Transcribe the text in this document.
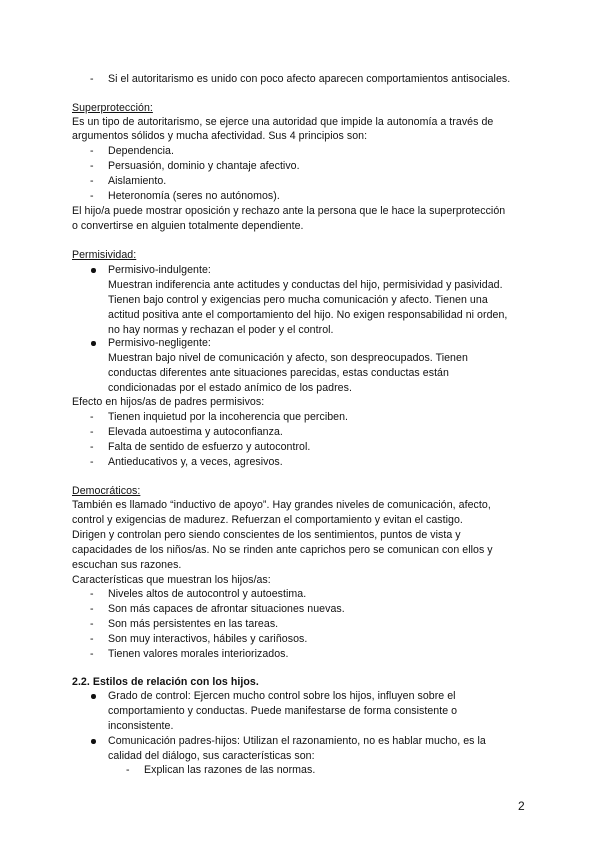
- Si el autoritarismo es unido con poco afecto aparecen comportamientos antisociales.
Superprotección:
Es un tipo de autoritarismo, se ejerce una autoridad que impide la autonomía a través de
argumentos sólidos y mucha afectividad. Sus 4 principios son:
- Dependencia.
- Persuasión, dominio y chantaje afectivo.
- Aislamiento.
- Heteronomía (seres no autónomos).
El hijo/a puede mostrar oposición y rechazo ante la persona que le hace la superprotección
o convertirse en alguien totalmente dependiente.
Permisividad:
Permisivo-indulgente:
Muestran indiferencia ante actitudes y conductas del hijo, permisividad y pasividad.
Tienen bajo control y exigencias pero mucha comunicación y afecto. Tienen una
actitud positiva ante el comportamiento del hijo. No exigen responsabilidad ni orden,
no hay normas y rechazan el poder y el control.
Permisivo-negligente:
Muestran bajo nivel de comunicación y afecto, son despreocupados. Tienen
conductas diferentes ante situaciones parecidas, estas conductas están
condicionadas por el estado anímico de los padres.
Efecto en hijos/as de padres permisivos:
- Tienen inquietud por la incoherencia que perciben.
- Elevada autoestima y autoconfianza.
- Falta de sentido de esfuerzo y autocontrol.
- Antieducativos y, a veces, agresivos.
Democráticos:
También es llamado “inductivo de apoyo”. Hay grandes niveles de comunicación, afecto,
control y exigencias de madurez. Refuerzan el comportamiento y evitan el castigo.
Dirigen y controlan pero siendo conscientes de los sentimientos, puntos de vista y
capacidades de los niños/as. No se rinden ante caprichos pero se comunican con ellos y
escuchan sus razones.
Características que muestran los hijos/as:
- Niveles altos de autocontrol y autoestima.
- Son más capaces de afrontar situaciones nuevas.
- Son más persistentes en las tareas.
- Son muy interactivos, hábiles y cariñosos.
- Tienen valores morales interiorizados.
2.2. Estilos de relación con los hijos.
Grado de control: Ejercen mucho control sobre los hijos, influyen sobre el
comportamiento y conductas. Puede manifestarse de forma consistente o
inconsistente.
Comunicación padres-hijos: Utilizan el razonamiento, no es hablar mucho, es la
calidad del diálogo, sus características son:
- Explican las razones de las normas.
2
